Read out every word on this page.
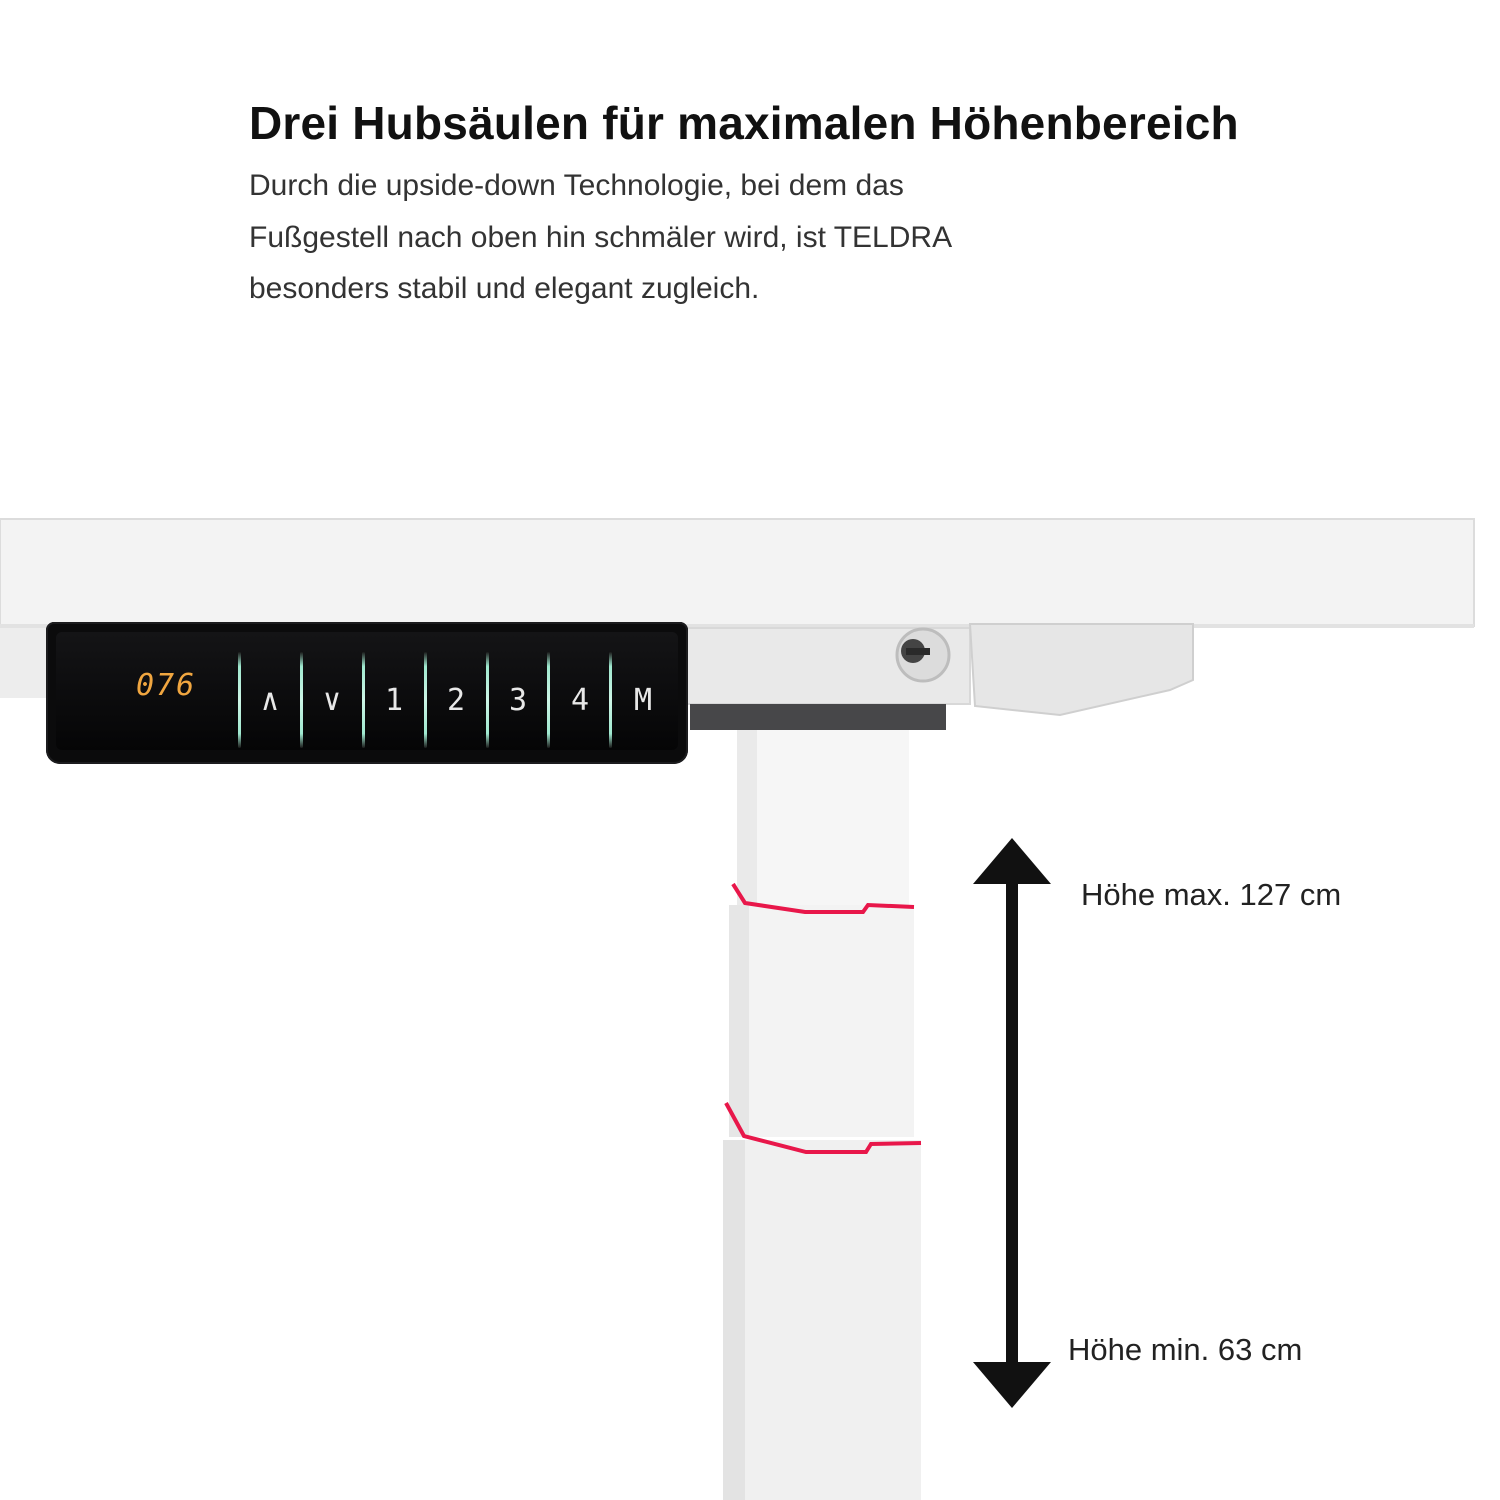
Drei Hubsäulen für maximalen Höhenbereich
Durch die upside-down Technologie, bei dem das
Fußgestell nach oben hin schmäler wird, ist TELDRA
besonders stabil und elegant zugleich.
076	∧	∨	1	2	3	4	M
Höhe max. 127 cm
Höhe min. 63 cm
